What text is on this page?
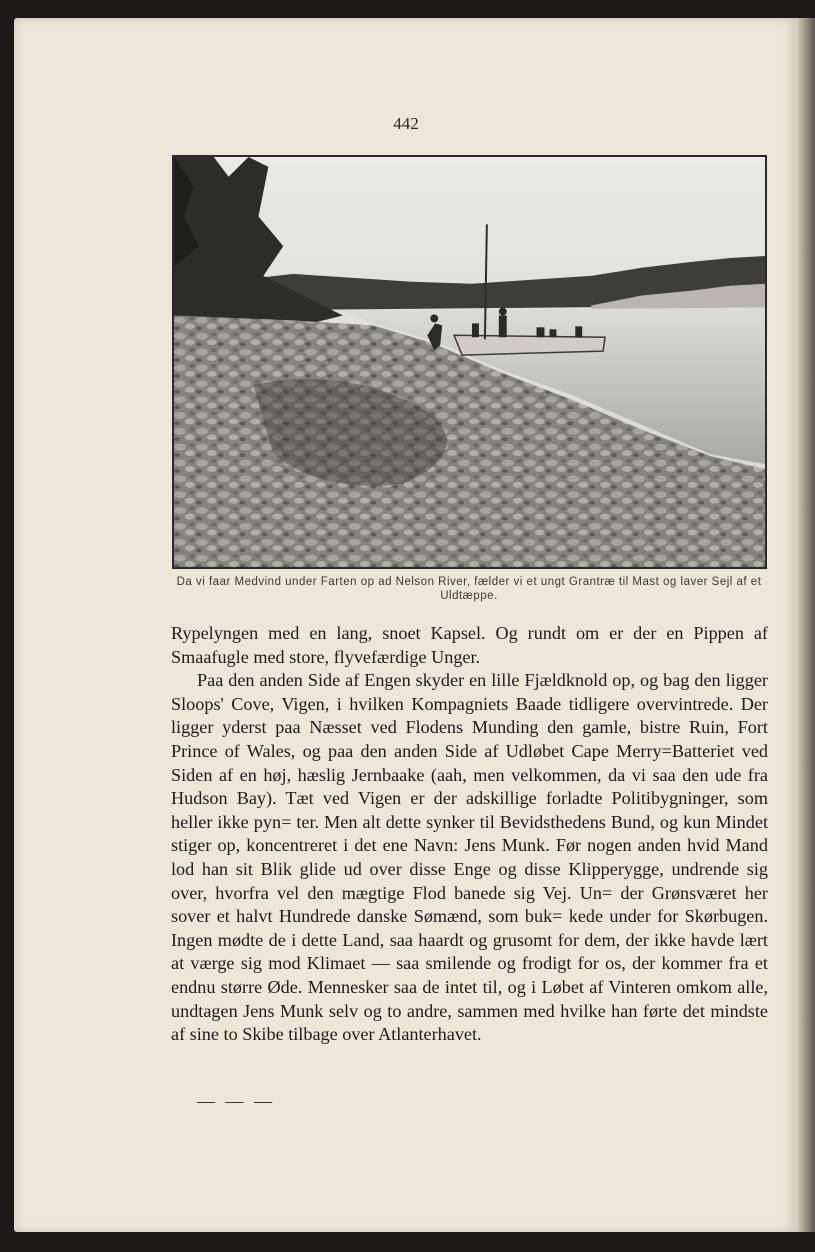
442
Da vi faar Medvind under Farten op ad Nelson River, fælder vi et ungt Grantræ til Mast og laver Sejl af et Uldtæppe.

Rypelyngen med en lang, snoet Kapsel. Og rundt om er der en Pippen af Smaafugle med store, flyvefærdige Unger.

Paa den anden Side af Engen skyder en lille Fjældknold op, og bag den ligger Sloops' Cove, Vigen, i hvilken Kompagniets Baade tidligere overvintrede. Der ligger yderst paa Næsset ved Flodens Munding den gamle, bistre Ruin, Fort Prince of Wales, og paa den anden Side af Udløbet Cape Merry=Batteriet ved Siden af en høj, hæslig Jernbaake (aah, men velkommen, da vi saa den ude fra Hudson Bay). Tæt ved Vigen er der adskillige forladte Politibygninger, som heller ikke pyn= ter. Men alt dette synker til Bevidsthedens Bund, og kun Mindet stiger op, koncentreret i det ene Navn: Jens Munk. Før nogen anden hvid Mand lod han sit Blik glide ud over disse Enge og disse Klipperygge, undrende sig over, hvorfra vel den mægtige Flod banede sig Vej. Un= der Grønsværet her sover et halvt Hundrede danske Sømænd, som buk= kede under for Skørbugen. Ingen mødte de i dette Land, saa haardt og grusomt for dem, der ikke havde lært at værge sig mod Klimaet — saa smilende og frodigt for os, der kommer fra et endnu større Øde. Mennesker saa de intet til, og i Løbet af Vinteren omkom alle, undtagen Jens Munk selv og to andre, sammen med hvilke han førte det mindste af sine to Skibe tilbage over Atlanterhavet.

— — —
